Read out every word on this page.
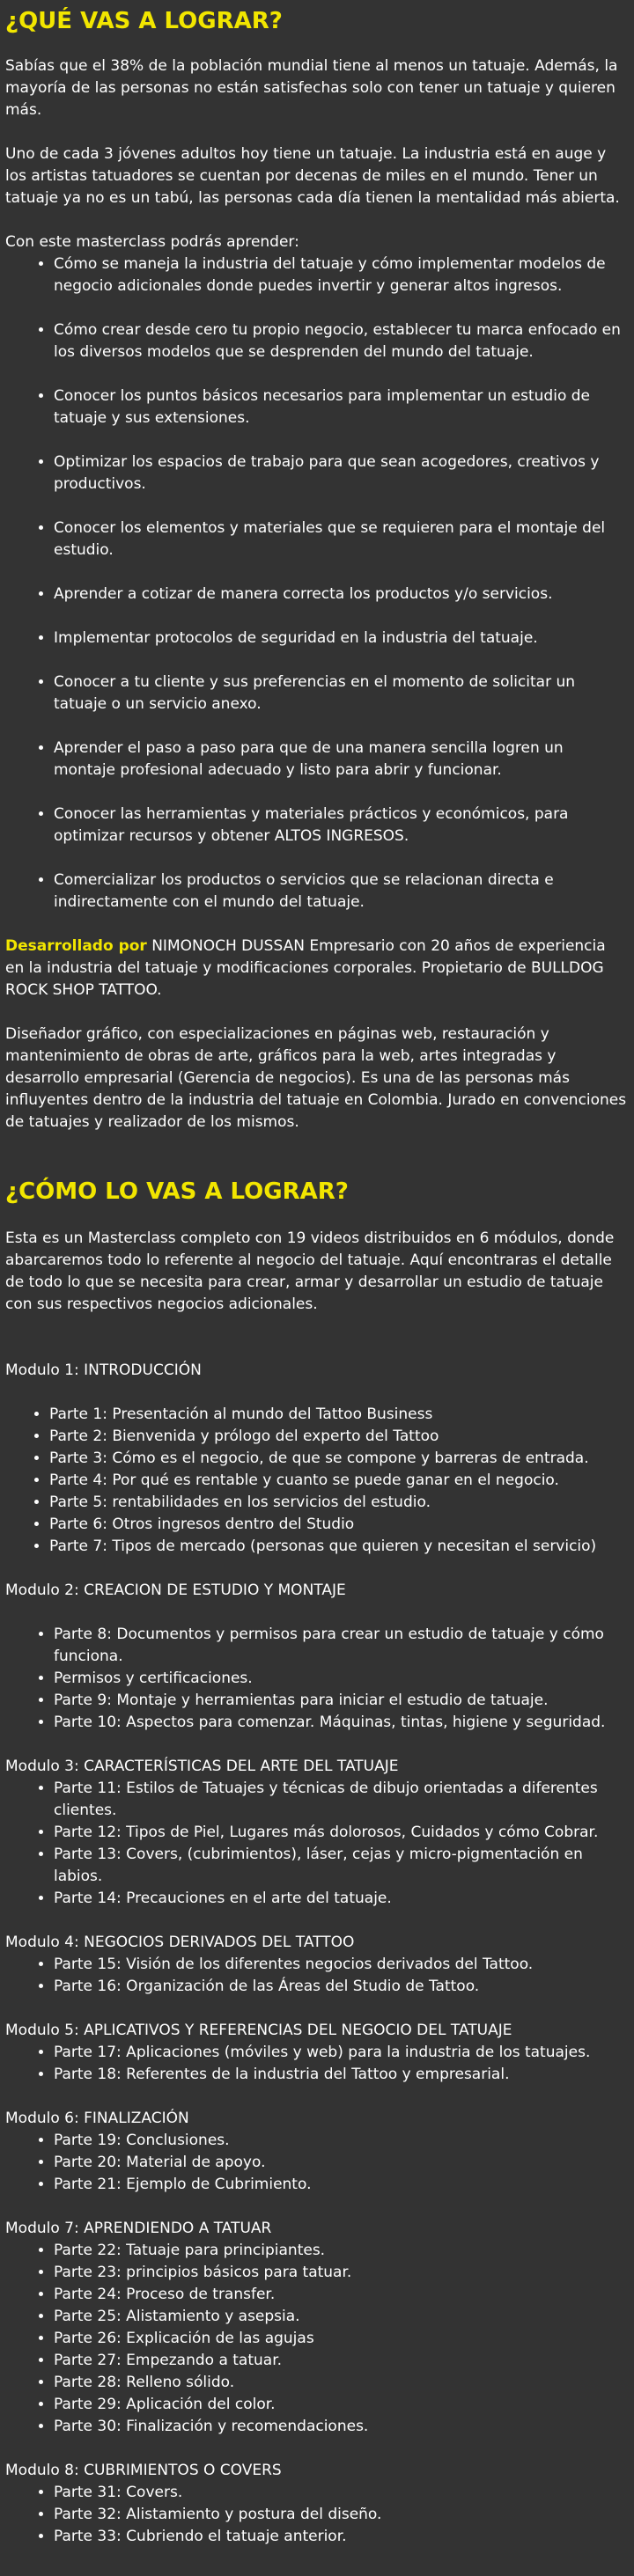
¿QUÉ VAS A LOGRAR?

Sabías que el 38% de la población mundial tiene al menos un tatuaje. Además, la mayoría de las personas no están satisfechas solo con tener un tatuaje y quieren más.

Uno de cada 3 jóvenes adultos hoy tiene un tatuaje. La industria está en auge y los artistas tatuadores se cuentan por decenas de miles en el mundo. Tener un tatuaje ya no es un tabú, las personas cada día tienen la mentalidad más abierta.

Con este masterclass podrás aprender:

• Cómo se maneja la industria del tatuaje y cómo implementar modelos de negocio adicionales donde puedes invertir y generar altos ingresos.
• Cómo crear desde cero tu propio negocio, establecer tu marca enfocado en los diversos modelos que se desprenden del mundo del tatuaje.
• Conocer los puntos básicos necesarios para implementar un estudio de tatuaje y sus extensiones.
• Optimizar los espacios de trabajo para que sean acogedores, creativos y productivos.
• Conocer los elementos y materiales que se requieren para el montaje del estudio.
• Aprender a cotizar de manera correcta los productos y/o servicios.
• Implementar protocolos de seguridad en la industria del tatuaje.
• Conocer a tu cliente y sus preferencias en el momento de solicitar un tatuaje o un servicio anexo.
• Aprender el paso a paso para que de una manera sencilla logren un montaje profesional adecuado y listo para abrir y funcionar.
• Conocer las herramientas y materiales prácticos y económicos, para optimizar recursos y obtener ALTOS INGRESOS.
• Comercializar los productos o servicios que se relacionan directa e indirectamente con el mundo del tatuaje.

Desarrollado por NIMONOCH DUSSAN Empresario con 20 años de experiencia en la industria del tatuaje y modificaciones corporales. Propietario de BULLDOG ROCK SHOP TATTOO.

Diseñador gráfico, con especializaciones en páginas web, restauración y mantenimiento de obras de arte, gráficos para la web, artes integradas y desarrollo empresarial (Gerencia de negocios). Es una de las personas más influyentes dentro de la industria del tatuaje en Colombia. Jurado en convenciones de tatuajes y realizador de los mismos.

¿CÓMO LO VAS A LOGRAR?

Esta es un Masterclass completo con 19 videos distribuidos en 6 módulos, donde abarcaremos todo lo referente al negocio del tatuaje. Aquí encontraras el detalle de todo lo que se necesita para crear, armar y desarrollar un estudio de tatuaje con sus respectivos negocios adicionales.

Modulo 1: INTRODUCCIÓN

• Parte 1: Presentación al mundo del Tattoo Business
• Parte 2: Bienvenida y prólogo del experto del Tattoo
• Parte 3: Cómo es el negocio, de que se compone y barreras de entrada.
• Parte 4: Por qué es rentable y cuanto se puede ganar en el negocio.
• Parte 5: rentabilidades en los servicios del estudio.
• Parte 6: Otros ingresos dentro del Studio
• Parte 7: Tipos de mercado (personas que quieren y necesitan el servicio)

Modulo 2: CREACION DE ESTUDIO Y MONTAJE

• Parte 8: Documentos y permisos para crear un estudio de tatuaje y cómo funciona.
• Permisos y certificaciones.
• Parte 9: Montaje y herramientas para iniciar el estudio de tatuaje.
• Parte 10: Aspectos para comenzar. Máquinas, tintas, higiene y seguridad.

Modulo 3: CARACTERÍSTICAS DEL ARTE DEL TATUAJE

• Parte 11: Estilos de Tatuajes y técnicas de dibujo orientadas a diferentes clientes.
• Parte 12: Tipos de Piel, Lugares más dolorosos, Cuidados y cómo Cobrar.
• Parte 13: Covers, (cubrimientos), láser, cejas y micro-pigmentación en labios.
• Parte 14: Precauciones en el arte del tatuaje.

Modulo 4: NEGOCIOS DERIVADOS DEL TATTOO

• Parte 15: Visión de los diferentes negocios derivados del Tattoo.
• Parte 16: Organización de las Áreas del Studio de Tattoo.

Modulo 5: APLICATIVOS Y REFERENCIAS DEL NEGOCIO DEL TATUAJE

• Parte 17: Aplicaciones (móviles y web) para la industria de los tatuajes.
• Parte 18: Referentes de la industria del Tattoo y empresarial.

Modulo 6: FINALIZACIÓN

• Parte 19: Conclusiones.
• Parte 20: Material de apoyo.
• Parte 21: Ejemplo de Cubrimiento.

Modulo 7: APRENDIENDO A TATUAR

• Parte 22: Tatuaje para principiantes.
• Parte 23: principios básicos para tatuar.
• Parte 24: Proceso de transfer.
• Parte 25: Alistamiento y asepsia.
• Parte 26: Explicación de las agujas
• Parte 27: Empezando a tatuar.
• Parte 28: Relleno sólido.
• Parte 29: Aplicación del color.
• Parte 30: Finalización y recomendaciones.

Modulo 8: CUBRIMIENTOS O COVERS

• Parte 31: Covers.
• Parte 32: Alistamiento y postura del diseño.
• Parte 33: Cubriendo el tatuaje anterior.
